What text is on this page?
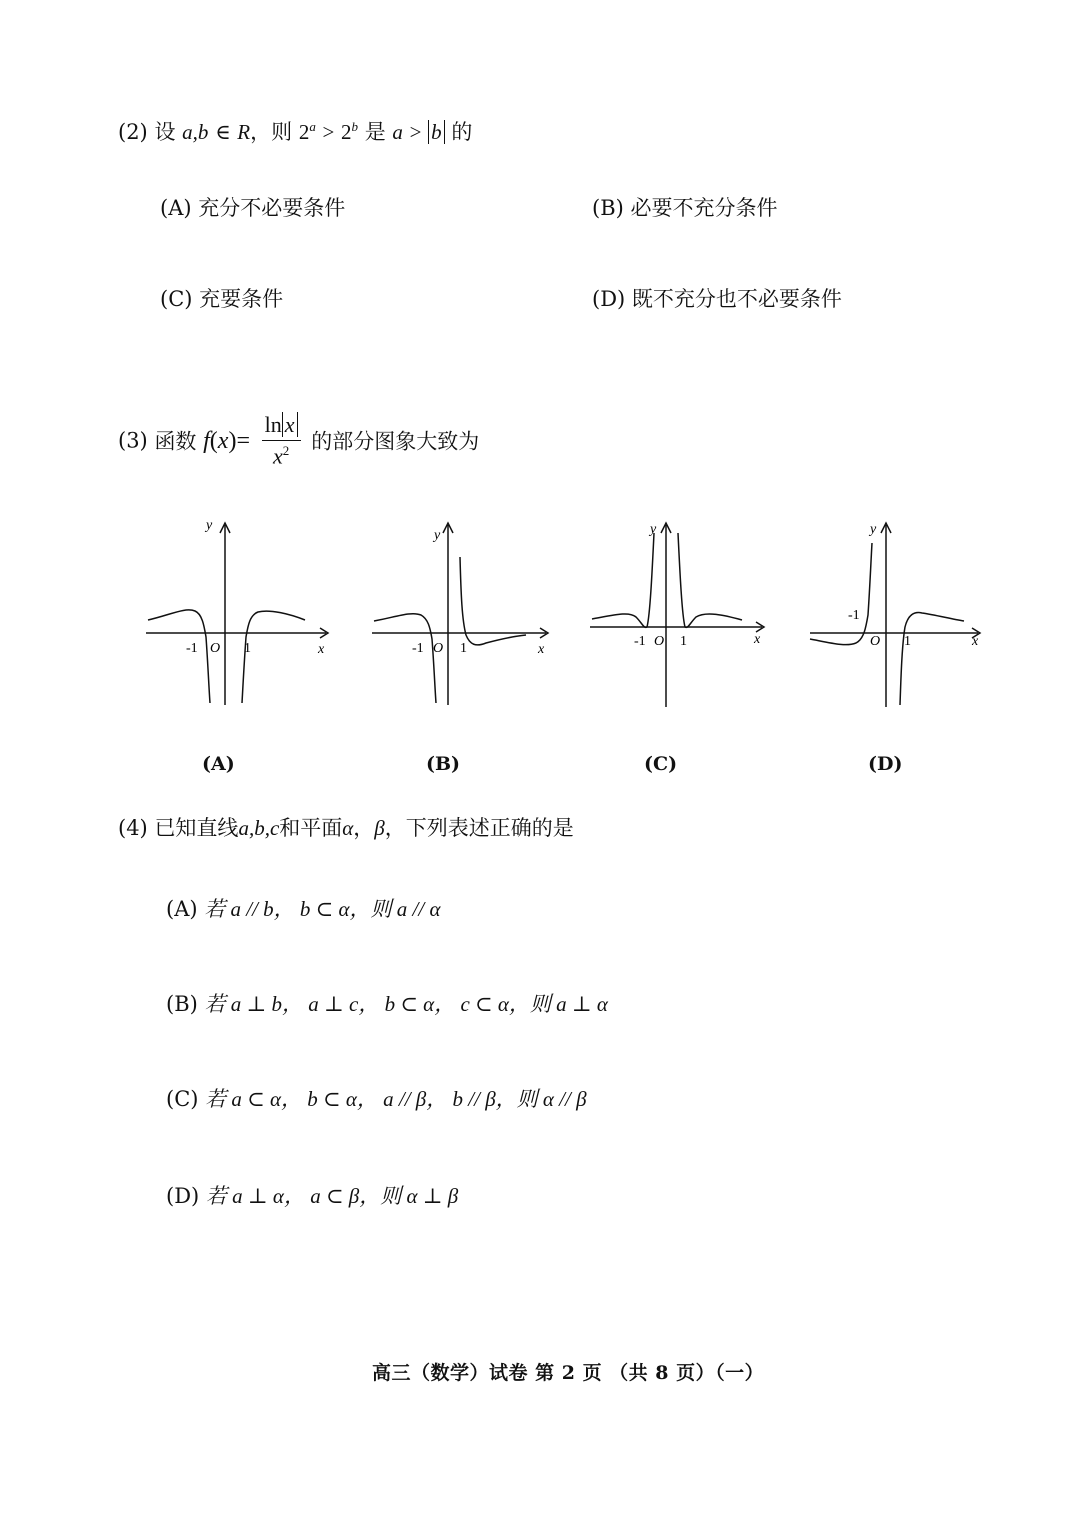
(2) 设 a,b ∈ R，则 $2^a > 2^b$ 是 a > b 的
(A) 充分不必要条件	(B) 必要不充分条件
(C) 充要条件	(D) 既不充分也不必要条件
(3) 函数 $f(x)= \frac{\text{ln x}}{x^2}$ 的部分图象大致为
y
x
-1 O 1
(A)
y
x
-1 O 1
(B)
y
x
-1 O 1
(C)
y
x
-1
O 1
(D)
(4) 已知直线a,b,c和平面α，β，下列表述正确的是
(A) 若 a // b， b ⊂ α，则 a // α
(B) 若 a ⊥ b， a ⊥ c， b ⊂ α， c ⊂ α，则 a ⊥ α
(C) 若 a ⊂ α， b ⊂ α， a // β， b // β，则 α // β
(D) 若 a ⊥ α， a ⊂ β，则 α ⊥ β
高三（数学）试卷 第 2 页 （共 8 页）（一）
